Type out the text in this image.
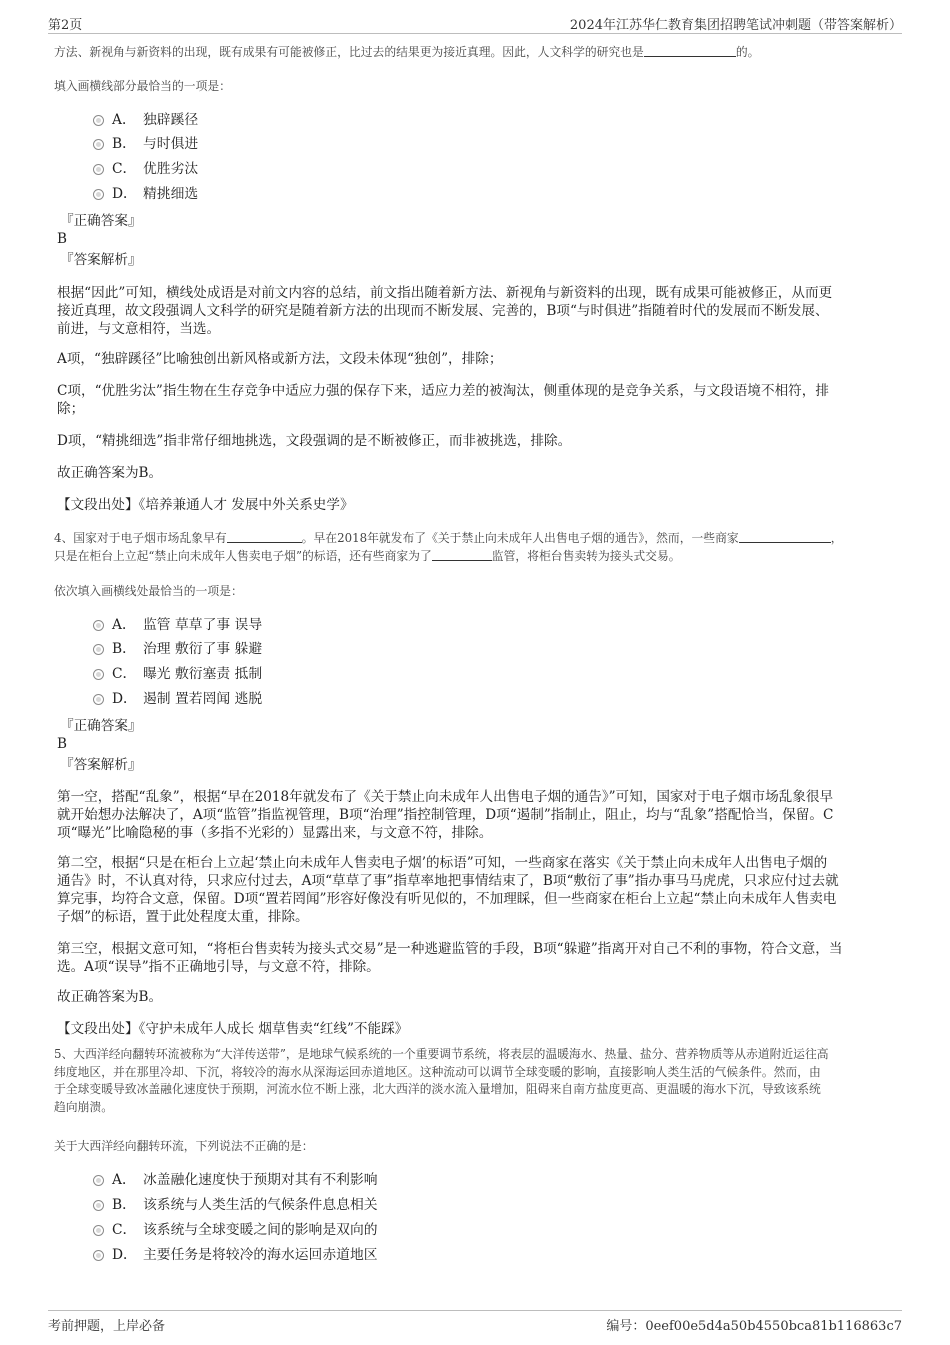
第2页	2024年江苏华仁教育集团招聘笔试冲刺题（带答案解析）
方法、新视角与新资料的出现，既有成果有可能被修正，比过去的结果更为接近真理。因此，人文科学的研究也是	的。
填入画横线部分最恰当的一项是：
A． 独辟蹊径
B． 与时俱进
C． 优胜劣汰
D． 精挑细选
『正确答案』
B
『答案解析』
根据“因此”可知，横线处成语是对前文内容的总结，前文指出随着新方法、新视角与新资料的出现，既有成果可能被修正，从而更
接近真理，故文段强调人文科学的研究是随着新方法的出现而不断发展、完善的，B项“与时俱进”指随着时代的发展而不断发展、
前进，与文意相符，当选。
A项，“独辟蹊径”比喻独创出新风格或新方法，文段未体现“独创”，排除；
C项，“优胜劣汰”指生物在生存竞争中适应力强的保存下来，适应力差的被淘汰，侧重体现的是竞争关系，与文段语境不相符，排
除；
D项，“精挑细选”指非常仔细地挑选，文段强调的是不断被修正，而非被挑选，排除。
故正确答案为B。
【文段出处】《培养兼通人才 发展中外关系史学》
4、国家对于电子烟市场乱象早有	。早在2018年就发布了《关于禁止向未成年人出售电子烟的通告》，然而，一些商家	，
只是在柜台上立起“禁止向未成年人售卖电子烟”的标语，还有些商家为了	监管，将柜台售卖转为接头式交易。
依次填入画横线处最恰当的一项是：
A． 监管 草草了事 误导
B． 治理 敷衍了事 躲避
C． 曝光 敷衍塞责 抵制
D． 遏制 置若罔闻 逃脱
『正确答案』
B
『答案解析』
第一空，搭配“乱象”，根据“早在2018年就发布了《关于禁止向未成年人出售电子烟的通告》”可知，国家对于电子烟市场乱象很早
就开始想办法解决了，A项“监管”指监视管理，B项“治理”指控制管理，D项“遏制”指制止，阻止，均与“乱象”搭配恰当，保留。C
项“曝光”比喻隐秘的事（多指不光彩的）显露出来，与文意不符，排除。
第二空，根据“只是在柜台上立起‘禁止向未成年人售卖电子烟’的标语”可知，一些商家在落实《关于禁止向未成年人出售电子烟的
通告》时，不认真对待，只求应付过去，A项“草草了事”指草率地把事情结束了，B项“敷衍了事”指办事马马虎虎，只求应付过去就
算完事，均符合文意，保留。D项“置若罔闻”形容好像没有听见似的，不加理睬，但一些商家在柜台上立起“禁止向未成年人售卖电
子烟”的标语，置于此处程度太重，排除。
第三空，根据文意可知，“将柜台售卖转为接头式交易”是一种逃避监管的手段，B项“躲避”指离开对自己不利的事物，符合文意，当
选。A项“误导”指不正确地引导，与文意不符，排除。
故正确答案为B。
【文段出处】《守护未成年人成长 烟草售卖“红线”不能踩》
5、大西洋经向翻转环流被称为“大洋传送带”，是地球气候系统的一个重要调节系统，将表层的温暖海水、热量、盐分、营养物质等从赤道附近运往高
纬度地区，并在那里冷却、下沉，将较冷的海水从深海运回赤道地区。这种流动可以调节全球变暖的影响，直接影响人类生活的气候条件。然而，由
于全球变暖导致冰盖融化速度快于预期，河流水位不断上涨，北大西洋的淡水流入量增加，阻碍来自南方盐度更高、更温暖的海水下沉，导致该系统
趋向崩溃。
关于大西洋经向翻转环流，下列说法不正确的是：
A． 冰盖融化速度快于预期对其有不利影响
B． 该系统与人类生活的气候条件息息相关
C． 该系统与全球变暖之间的影响是双向的
D． 主要任务是将较冷的海水运回赤道地区
考前押题，上岸必备	编号：0eef00e5d4a50b4550bca81b116863c7
